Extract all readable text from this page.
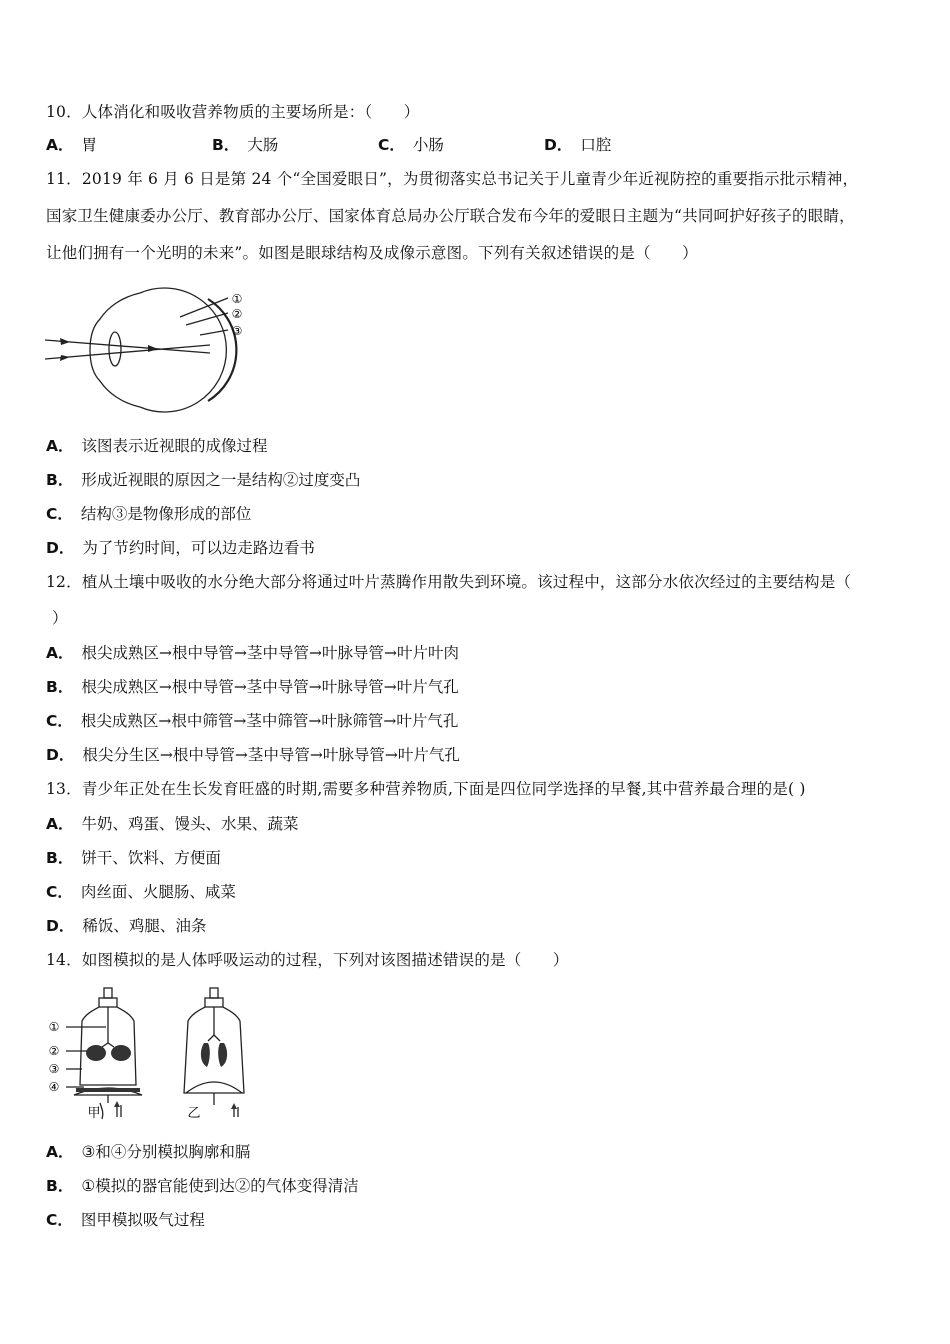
10．人体消化和吸收营养物质的主要场所是：（　　）
A． 胃	B． 大肠	C． 小肠	D． 口腔
11．2019 年 6 月 6 日是第 24 个“全国爱眼日”，为贯彻落实总书记关于儿童青少年近视防控的重要指示批示精神，
国家卫生健康委办公厅、教育部办公厅、国家体育总局办公厅联合发布今年的爱眼日主题为“共同呵护好孩子的眼睛，
让他们拥有一个光明的未来”。如图是眼球结构及成像示意图。下列有关叙述错误的是（　　）
①
②
③
A． 该图表示近视眼的成像过程
B． 形成近视眼的原因之一是结构②过度变凸
C． 结构③是物像形成的部位
D． 为了节约时间，可以边走路边看书
12．植从土壤中吸收的水分绝大部分将通过叶片蒸腾作用散失到环境。该过程中，这部分水依次经过的主要结构是（
）
A． 根尖成熟区→根中导管→茎中导管→叶脉导管→叶片叶肉
B． 根尖成熟区→根中导管→茎中导管→叶脉导管→叶片气孔
C． 根尖成熟区→根中筛管→茎中筛管→叶脉筛管→叶片气孔
D． 根尖分生区→根中导管→茎中导管→叶脉导管→叶片气孔
13．青少年正处在生长发育旺盛的时期,需要多种营养物质,下面是四位同学选择的早餐,其中营养最合理的是( )
A． 牛奶、鸡蛋、馒头、水果、蔬菜
B． 饼干、饮料、方便面
C． 肉丝面、火腿肠、咸菜
D． 稀饭、鸡腿、油条
14．如图模拟的是人体呼吸运动的过程，下列对该图描述错误的是（　　）
①
②
③
④
甲	乙
A． ③和④分别模拟胸廓和膈
B． ①模拟的器官能使到达②的气体变得清洁
C． 图甲模拟吸气过程
